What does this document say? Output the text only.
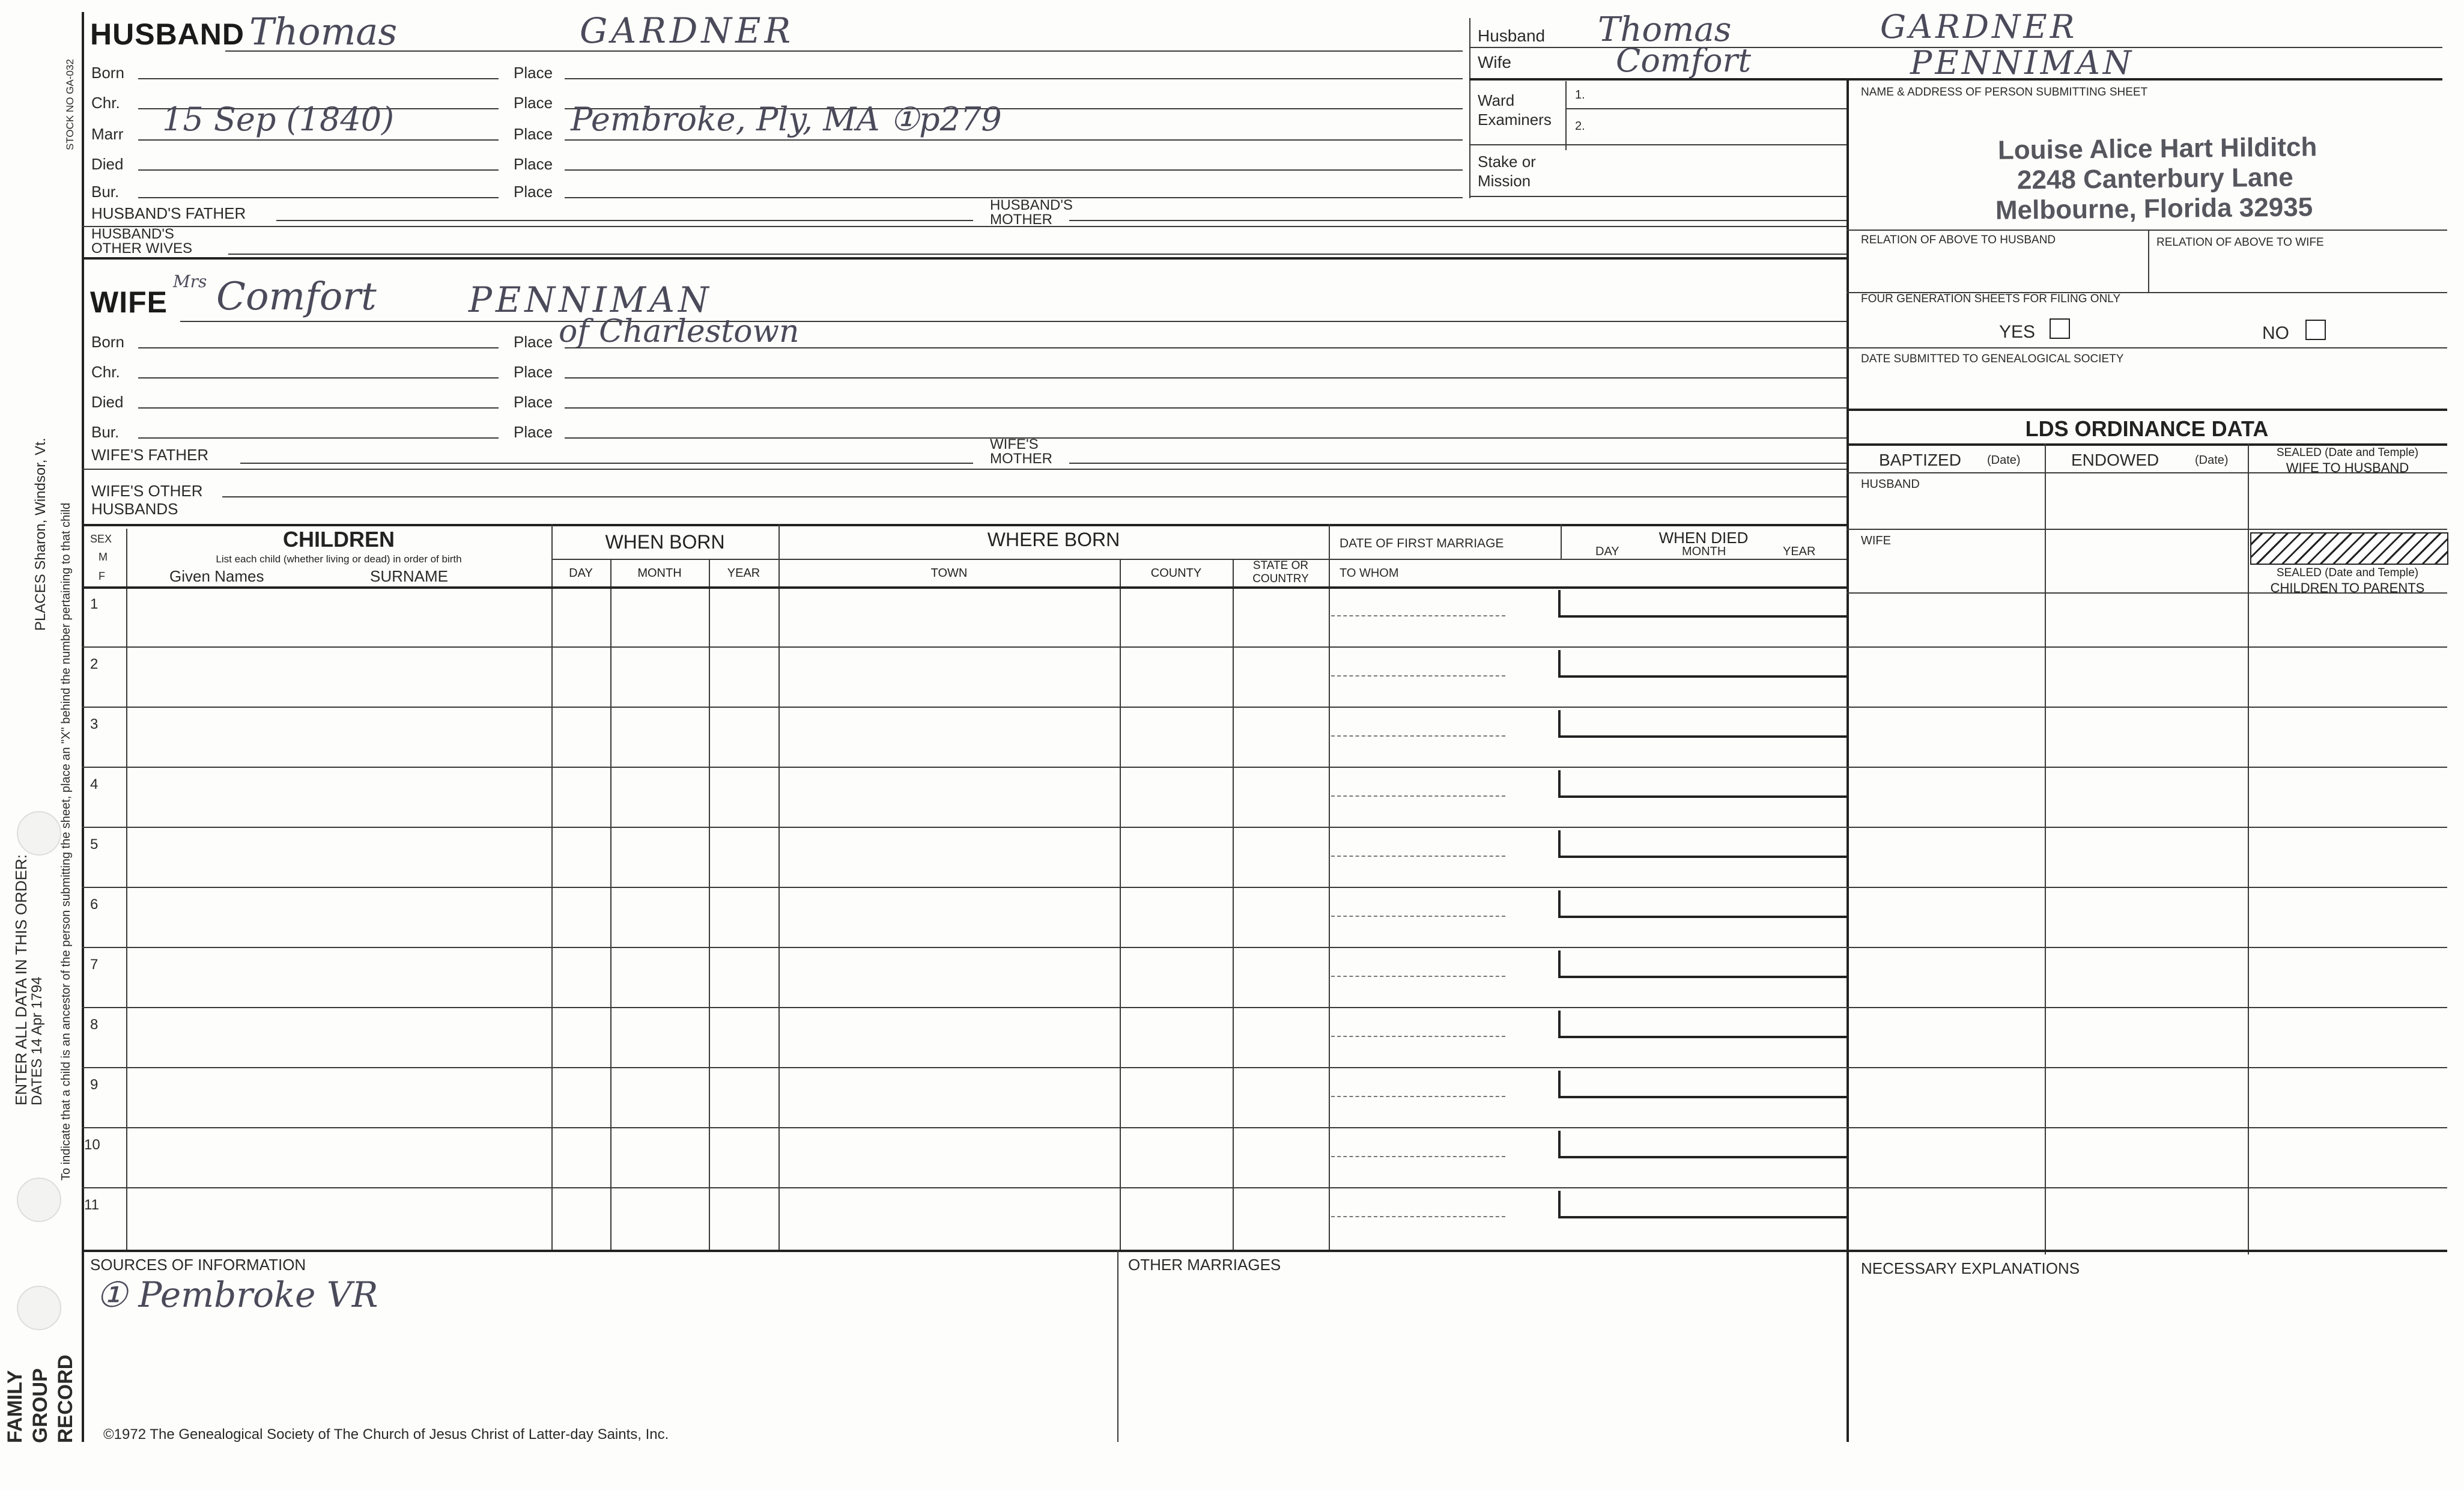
STOCK NO GA-032
PLACES Sharon, Windsor, Vt. To indicate that a child is an ancestor of the person submitting the sheet, place an "X" behind the number pertaining to that child
ENTER ALL DATA IN THIS ORDER:
DATES 14 Apr 1794
FAMILY GROUP RECORD
HUSBAND Thomas	GARDNER
Born	Place
Chr.	Place
Marr 15 Sep (1840)	Place Pembroke, Ply, MA ①p279
Died	Place
Bur.	Place
HUSBAND'S FATHER	HUSBAND'S
MOTHER
HUSBAND'S
OTHER WIVES
WIFE
Mrs Comfort	PENNIMAN
Born	Place of Charlestown
Chr.	Place
Died	Place
Bur.	Place
WIFE'S FATHER
WIFE'S
MOTHER
WIFE'S OTHER
HUSBANDS
Husband Thomas	GARDNER
Wife	Comfort	PENNIMAN
Ward
Examiners
1.
2.
Stake or
Mission
NAME & ADDRESS OF PERSON SUBMITTING SHEET
Louise Alice Hart Hilditch
2248 Canterbury Lane
Melbourne, Florida 32935
RELATION OF ABOVE TO HUSBAND	RELATION OF ABOVE TO WIFE
FOUR GENERATION SHEETS FOR FILING ONLY
YES	NO
DATE SUBMITTED TO GENEALOGICAL SOCIETY
LDS ORDINANCE DATA
BAPTIZED (Date)	ENDOWED	(Date)
SEALED (Date and Temple)
WIFE TO HUSBAND
HUSBAND
WIFE
SEALED (Date and Temple)
CHILDREN TO PARENTS
SEX
M
F
CHILDREN
List each child (whether living or dead) in order of birth
Given Names	SURNAME
WHEN BORN
DAY	MONTH	YEAR
WHERE BORN
TOWN	COUNTY
STATE OR
COUNTRY
DATE OF FIRST MARRIAGE
TO WHOM
WHEN DIED
DAY	MONTH	YEAR
1
2
3
4
5
6
7
8
9
10
11
SOURCES OF INFORMATION
① Pembroke VR
OTHER MARRIAGES	NECESSARY EXPLANATIONS
©1972 The Genealogical Society of The Church of Jesus Christ of Latter-day Saints, Inc.
